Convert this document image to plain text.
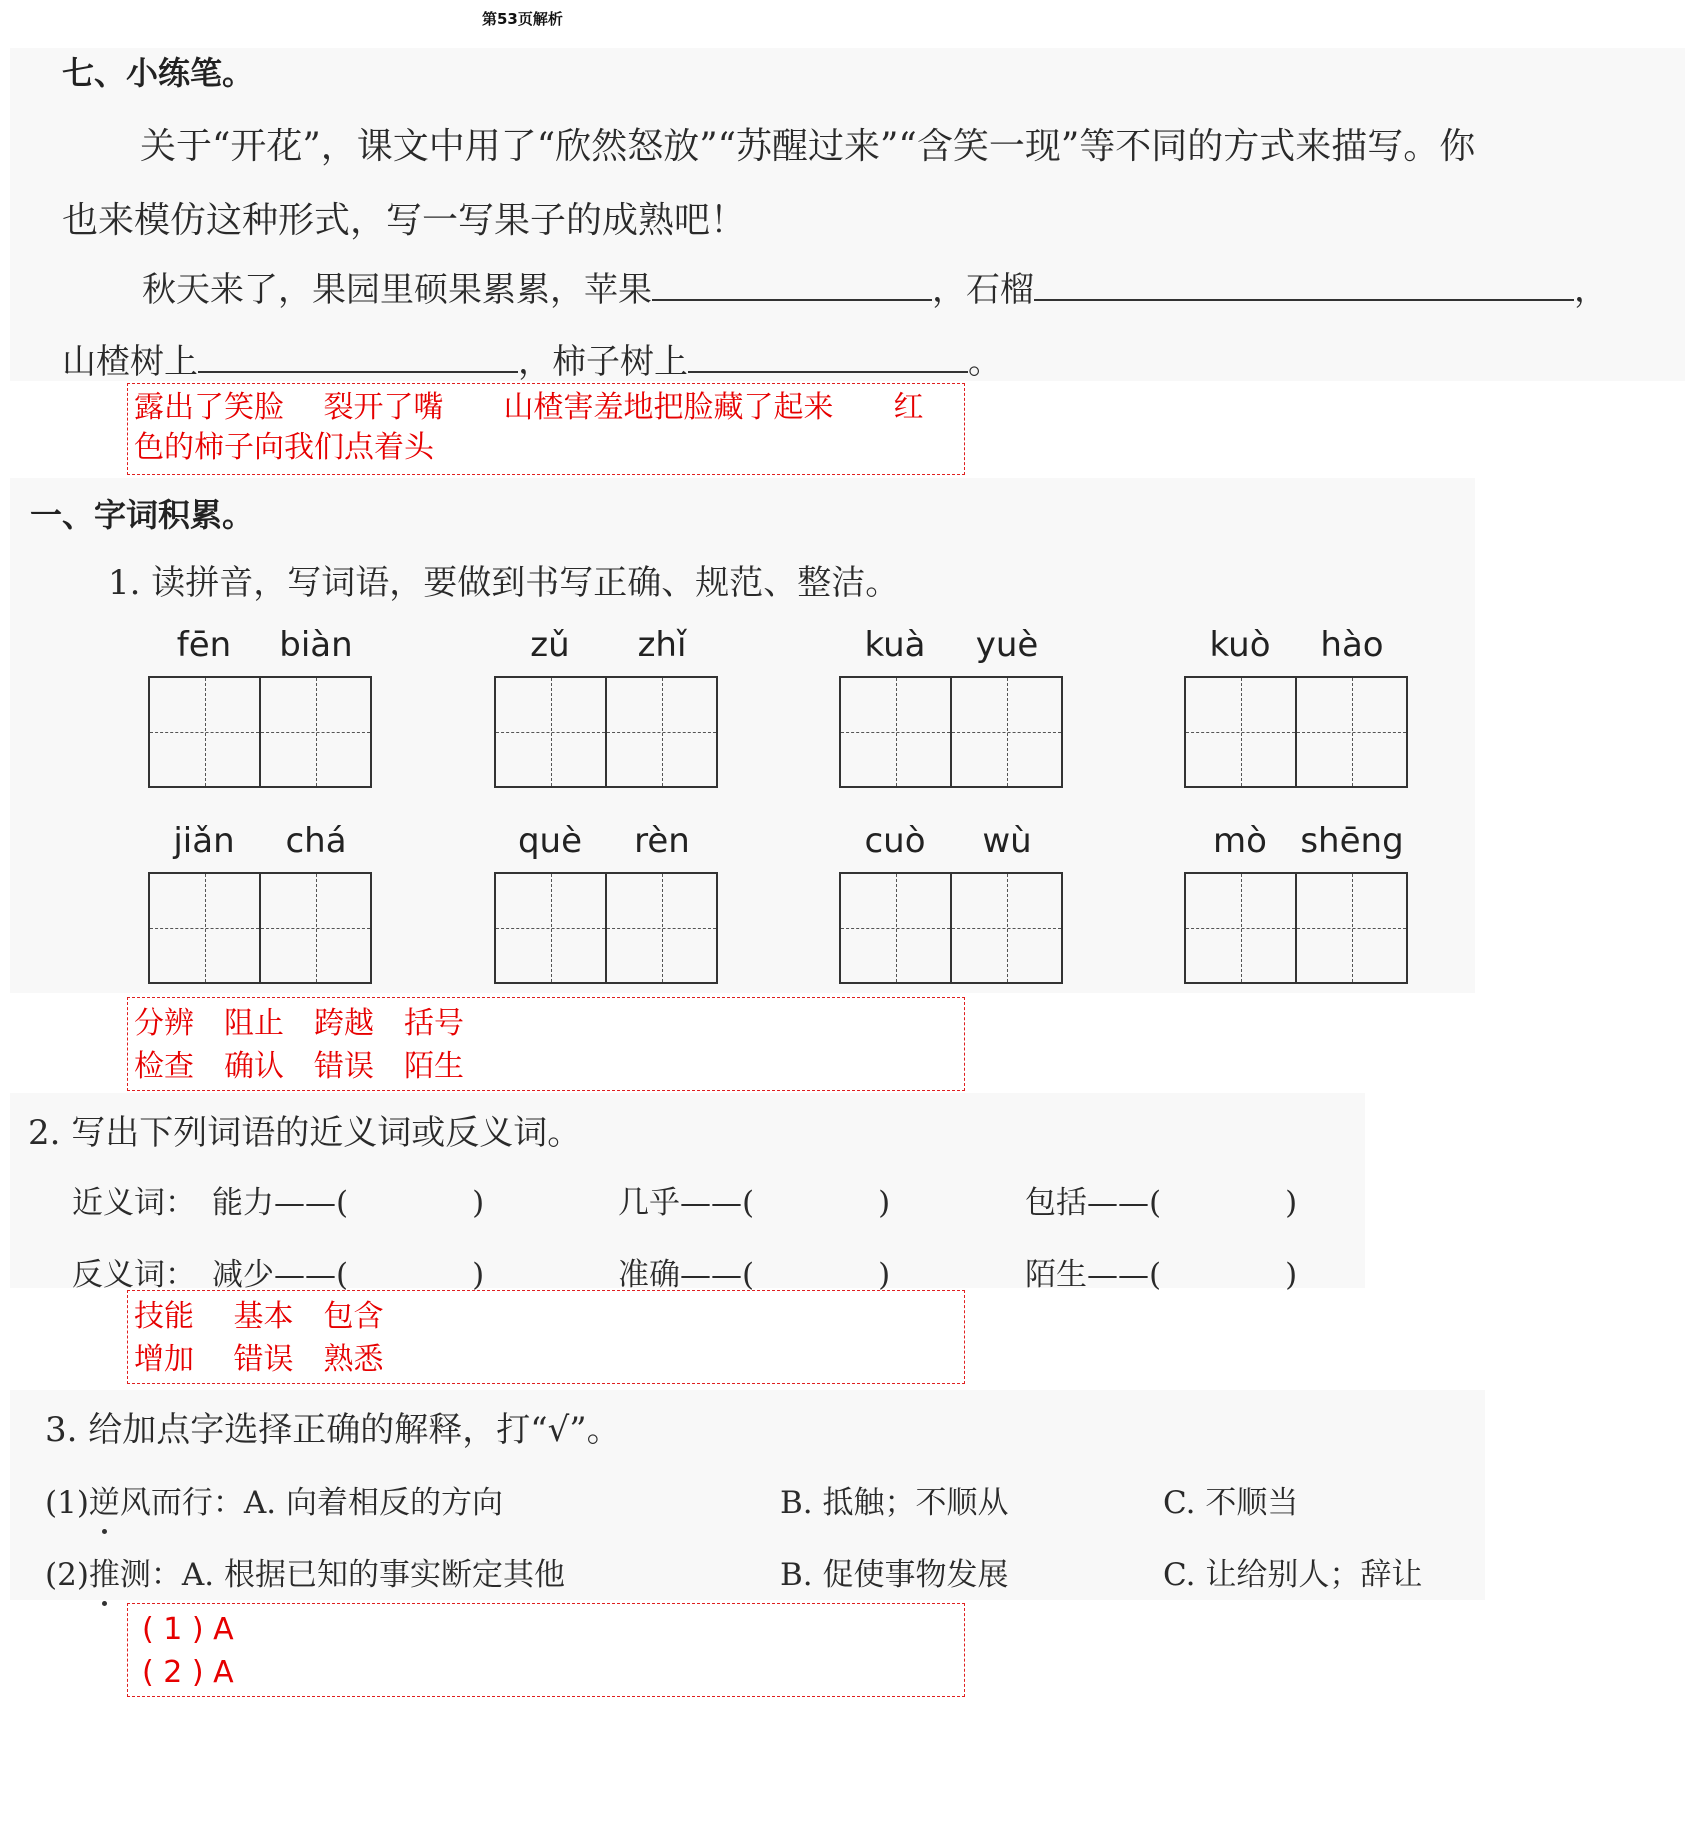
第53页解析
七、小练笔。
关于“开花”，课文中用了“欣然怒放”“苏醒过来”“含笑一现”等不同的方式来描写。你
也来模仿这种形式，写一写果子的成熟吧！
秋天来了，果园里硕果累累，苹果	，石榴	，
山楂树上	，柿子树上	。
露出了笑脸　 裂开了嘴　　山楂害羞地把脸藏了起来　　红
色的柿子向我们点着头
一、字词积累。
1. 读拼音，写词语，要做到书写正确、规范、整洁。
fēn	biàn	zǔ	zhǐ	kuà	yuè	kuò	hào
jiǎn	chá	què	rèn	cuò	wù	mò shēng
分辨　阻止　跨越　括号
检查　确认　错误　陌生
2. 写出下列词语的近义词或反义词。
近义词： 能力——(　　　　)	几乎——(　　　　)	包括——(　　　　)
反义词： 减少——(　　　　)	准确——(　　　　)	陌生——(　　　　)
技能　 基本　包含
增加　 错误　熟悉
3. 给加点字选择正确的解释，打“√”。
(1)逆风而行：A. 向着相反的方向	B. 抵触；不顺从	C. 不顺当
(2)推测：A. 根据已知的事实断定其他	B. 促使事物发展	C. 让给别人；辞让
( 1 ) A
( 2 ) A
